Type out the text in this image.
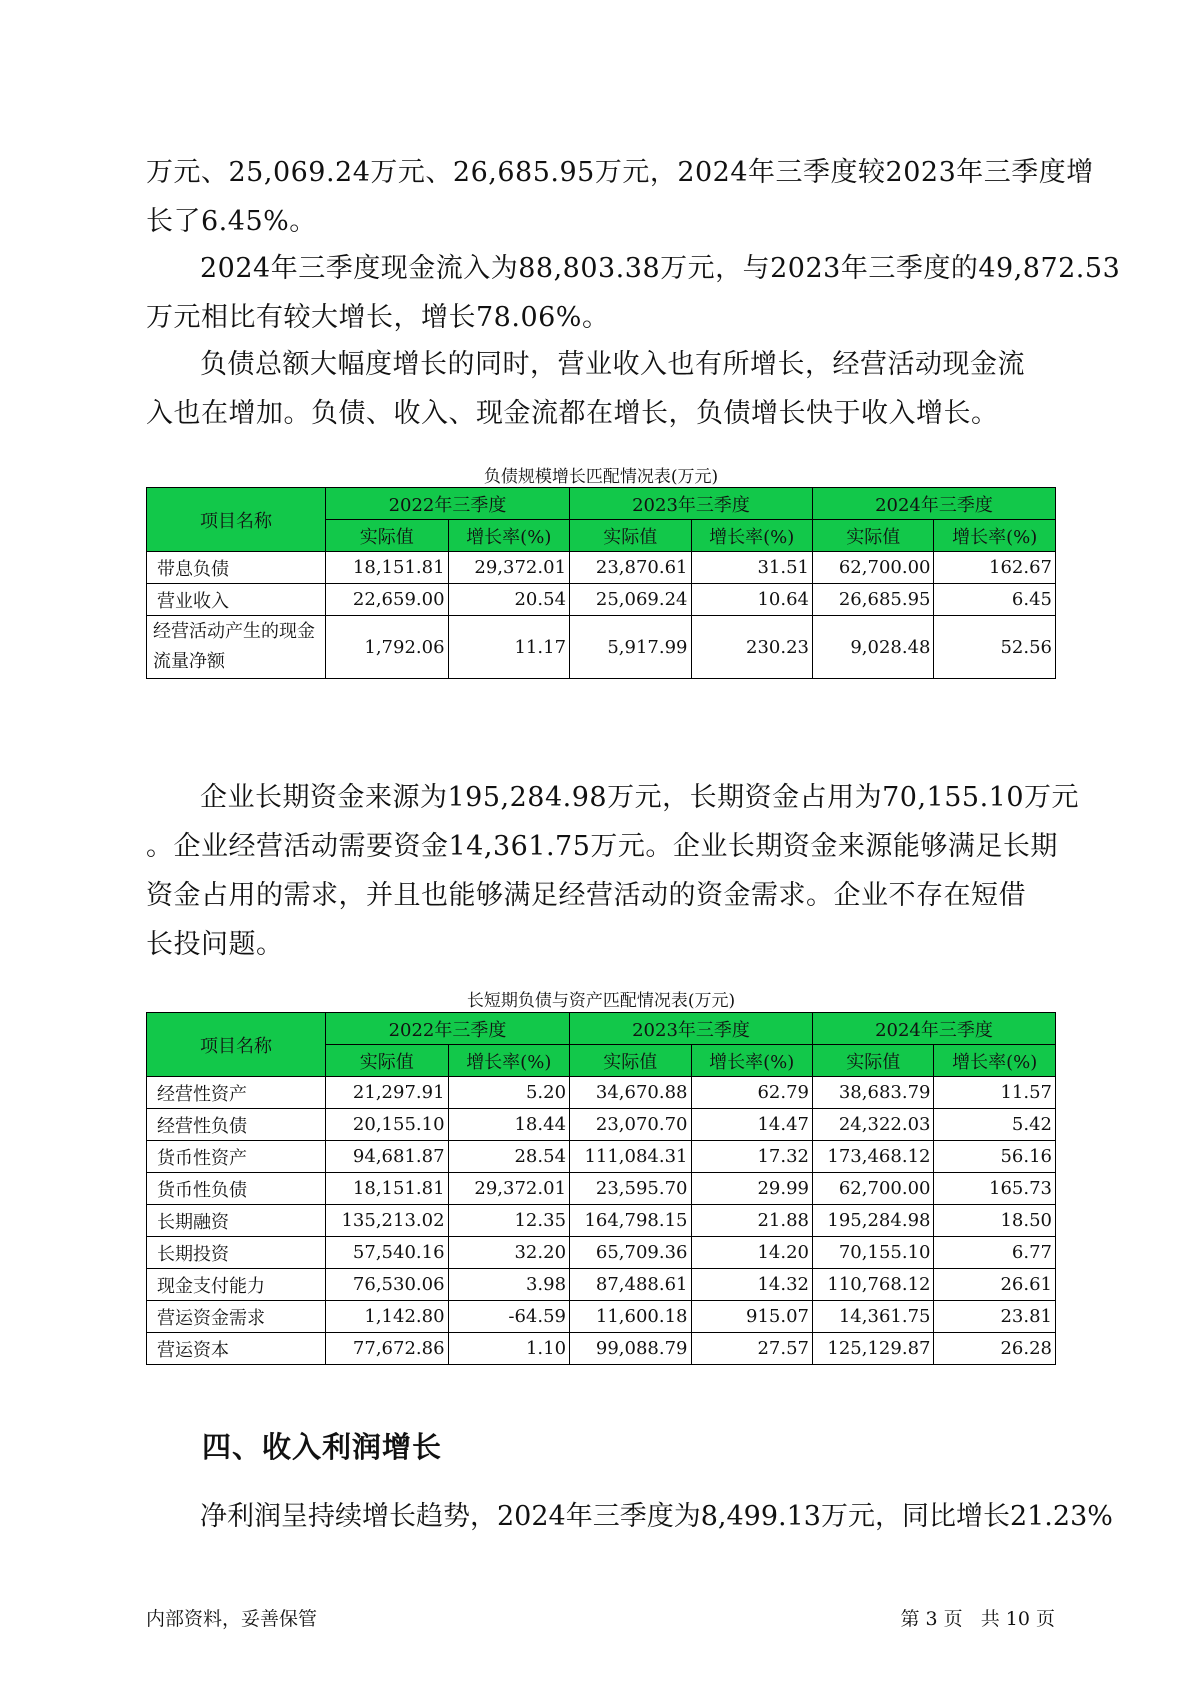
万元、25,069.24万元、26,685.95万元，2024年三季度较2023年三季度增
长了6.45%。

2024年三季度现金流入为88,803.38万元，与2023年三季度的49,872.53
万元相比有较大增长，增长78.06%。

负债总额大幅度增长的同时，营业收入也有所增长，经营活动现金流
入也在增加。负债、收入、现金流都在增长，负债增长快于收入增长。

负债规模增长匹配情况表(万元)

项目名称	2022年三季度		2023年三季度		2024年三季度	
	实际值	增长率(%)	实际值	增长率(%)	实际值	增长率(%)
带息负债	18,151.81	29,372.01	23,870.61	31.51	62,700.00	162.67
营业收入	22,659.00	20.54	25,069.24	10.64	26,685.95	6.45
经营活动产生的现金流量净额	1,792.06	11.17	5,917.99	230.23	9,028.48	52.56

企业长期资金来源为195,284.98万元，长期资金占用为70,155.10万元
。企业经营活动需要资金14,361.75万元。企业长期资金来源能够满足长期
资金占用的需求，并且也能够满足经营活动的资金需求。企业不存在短借
长投问题。

长短期负债与资产匹配情况表(万元)

项目名称	2022年三季度		2023年三季度		2024年三季度	
	实际值	增长率(%)	实际值	增长率(%)	实际值	增长率(%)
经营性资产	21,297.91	5.20	34,670.88	62.79	38,683.79	11.57
经营性负债	20,155.10	18.44	23,070.70	14.47	24,322.03	5.42
货币性资产	94,681.87	28.54	111,084.31	17.32	173,468.12	56.16
货币性负债	18,151.81	29,372.01	23,595.70	29.99	62,700.00	165.73
长期融资	135,213.02	12.35	164,798.15	21.88	195,284.98	18.50
长期投资	57,540.16	32.20	65,709.36	14.20	70,155.10	6.77
现金支付能力	76,530.06	3.98	87,488.61	14.32	110,768.12	26.61
营运资金需求	1,142.80	-64.59	11,600.18	915.07	14,361.75	23.81
营运资本	77,672.86	1.10	99,088.79	27.57	125,129.87	26.28
四、收入利润增长

净利润呈持续增长趋势，2024年三季度为8,499.13万元，同比增长21.23%

内部资料，妥善保管	第 3 页   共 10 页
